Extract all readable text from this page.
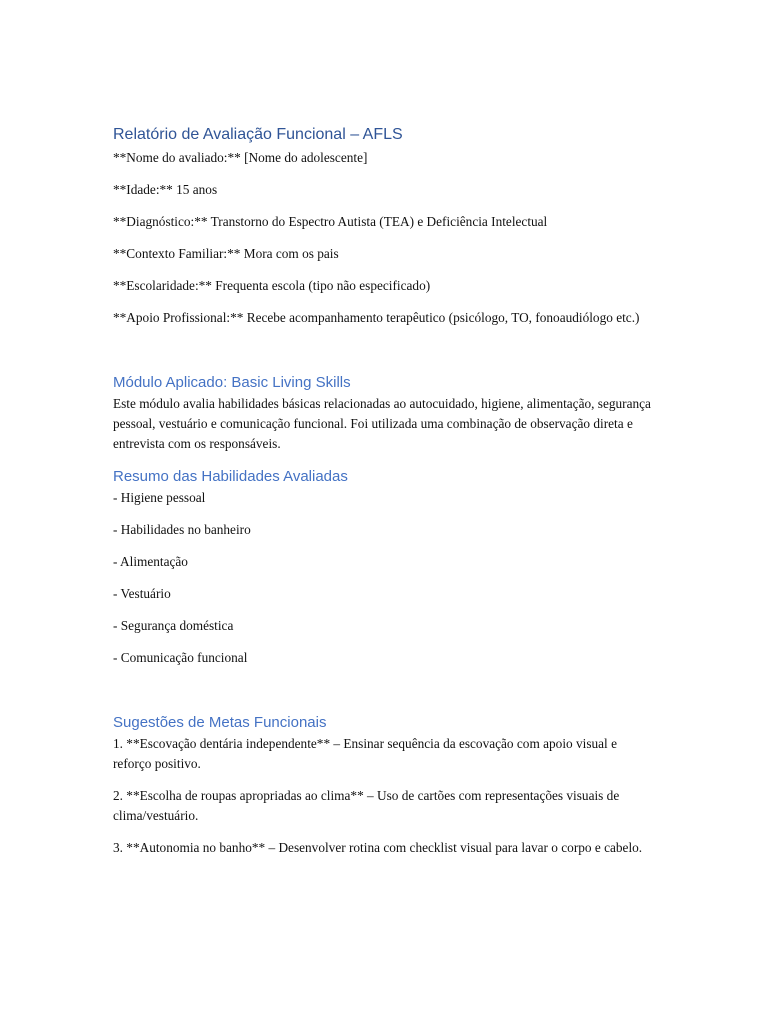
Relatório de Avaliação Funcional – AFLS

**Nome do avaliado:** [Nome do adolescente]

**Idade:** 15 anos

**Diagnóstico:** Transtorno do Espectro Autista (TEA) e Deficiência Intelectual

**Contexto Familiar:** Mora com os pais

**Escolaridade:** Frequenta escola (tipo não especificado)

**Apoio Profissional:** Recebe acompanhamento terapêutico (psicólogo, TO, fonoaudiólogo etc.)

Módulo Aplicado: Basic Living Skills

Este módulo avalia habilidades básicas relacionadas ao autocuidado, higiene, alimentação, segurança pessoal, vestuário e comunicação funcional. Foi utilizada uma combinação de observação direta e entrevista com os responsáveis.

Resumo das Habilidades Avaliadas

- Higiene pessoal

- Habilidades no banheiro

- Alimentação

- Vestuário

- Segurança doméstica

- Comunicação funcional

Sugestões de Metas Funcionais

1. **Escovação dentária independente** – Ensinar sequência da escovação com apoio visual e reforço positivo.

2. **Escolha de roupas apropriadas ao clima** – Uso de cartões com representações visuais de clima/vestuário.

3. **Autonomia no banho** – Desenvolver rotina com checklist visual para lavar o corpo e cabelo.
